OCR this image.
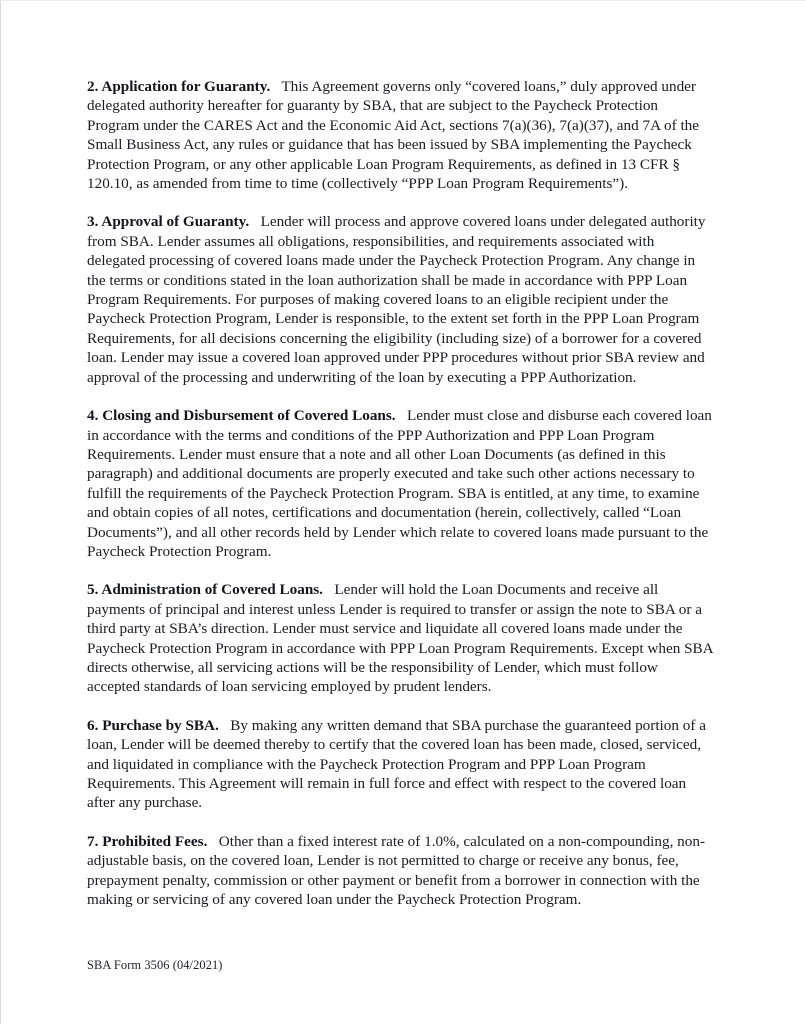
2. Application for Guaranty. This Agreement governs only “covered loans,” duly approved under delegated authority hereafter for guaranty by SBA, that are subject to the Paycheck Protection Program under the CARES Act and the Economic Aid Act, sections 7(a)(36), 7(a)(37), and 7A of the Small Business Act, any rules or guidance that has been issued by SBA implementing the Paycheck Protection Program, or any other applicable Loan Program Requirements, as defined in 13 CFR § 120.10, as amended from time to time (collectively “PPP Loan Program Requirements”).

3. Approval of Guaranty. Lender will process and approve covered loans under delegated authority from SBA. Lender assumes all obligations, responsibilities, and requirements associated with delegated processing of covered loans made under the Paycheck Protection Program. Any change in the terms or conditions stated in the loan authorization shall be made in accordance with PPP Loan Program Requirements. For purposes of making covered loans to an eligible recipient under the Paycheck Protection Program, Lender is responsible, to the extent set forth in the PPP Loan Program Requirements, for all decisions concerning the eligibility (including size) of a borrower for a covered loan. Lender may issue a covered loan approved under PPP procedures without prior SBA review and approval of the processing and underwriting of the loan by executing a PPP Authorization.

4. Closing and Disbursement of Covered Loans. Lender must close and disburse each covered loan in accordance with the terms and conditions of the PPP Authorization and PPP Loan Program Requirements. Lender must ensure that a note and all other Loan Documents (as defined in this paragraph) and additional documents are properly executed and take such other actions necessary to fulfill the requirements of the Paycheck Protection Program. SBA is entitled, at any time, to examine and obtain copies of all notes, certifications and documentation (herein, collectively, called “Loan Documents”), and all other records held by Lender which relate to covered loans made pursuant to the Paycheck Protection Program.

5. Administration of Covered Loans. Lender will hold the Loan Documents and receive all payments of principal and interest unless Lender is required to transfer or assign the note to SBA or a third party at SBA’s direction. Lender must service and liquidate all covered loans made under the Paycheck Protection Program in accordance with PPP Loan Program Requirements. Except when SBA directs otherwise, all servicing actions will be the responsibility of Lender, which must follow accepted standards of loan servicing employed by prudent lenders.

6. Purchase by SBA. By making any written demand that SBA purchase the guaranteed portion of a loan, Lender will be deemed thereby to certify that the covered loan has been made, closed, serviced, and liquidated in compliance with the Paycheck Protection Program and PPP Loan Program Requirements. This Agreement will remain in full force and effect with respect to the covered loan after any purchase.

7. Prohibited Fees. Other than a fixed interest rate of 1.0%, calculated on a non-compounding, non-adjustable basis, on the covered loan, Lender is not permitted to charge or receive any bonus, fee, prepayment penalty, commission or other payment or benefit from a borrower in connection with the making or servicing of any covered loan under the Paycheck Protection Program.

SBA Form 3506 (04/2021)
